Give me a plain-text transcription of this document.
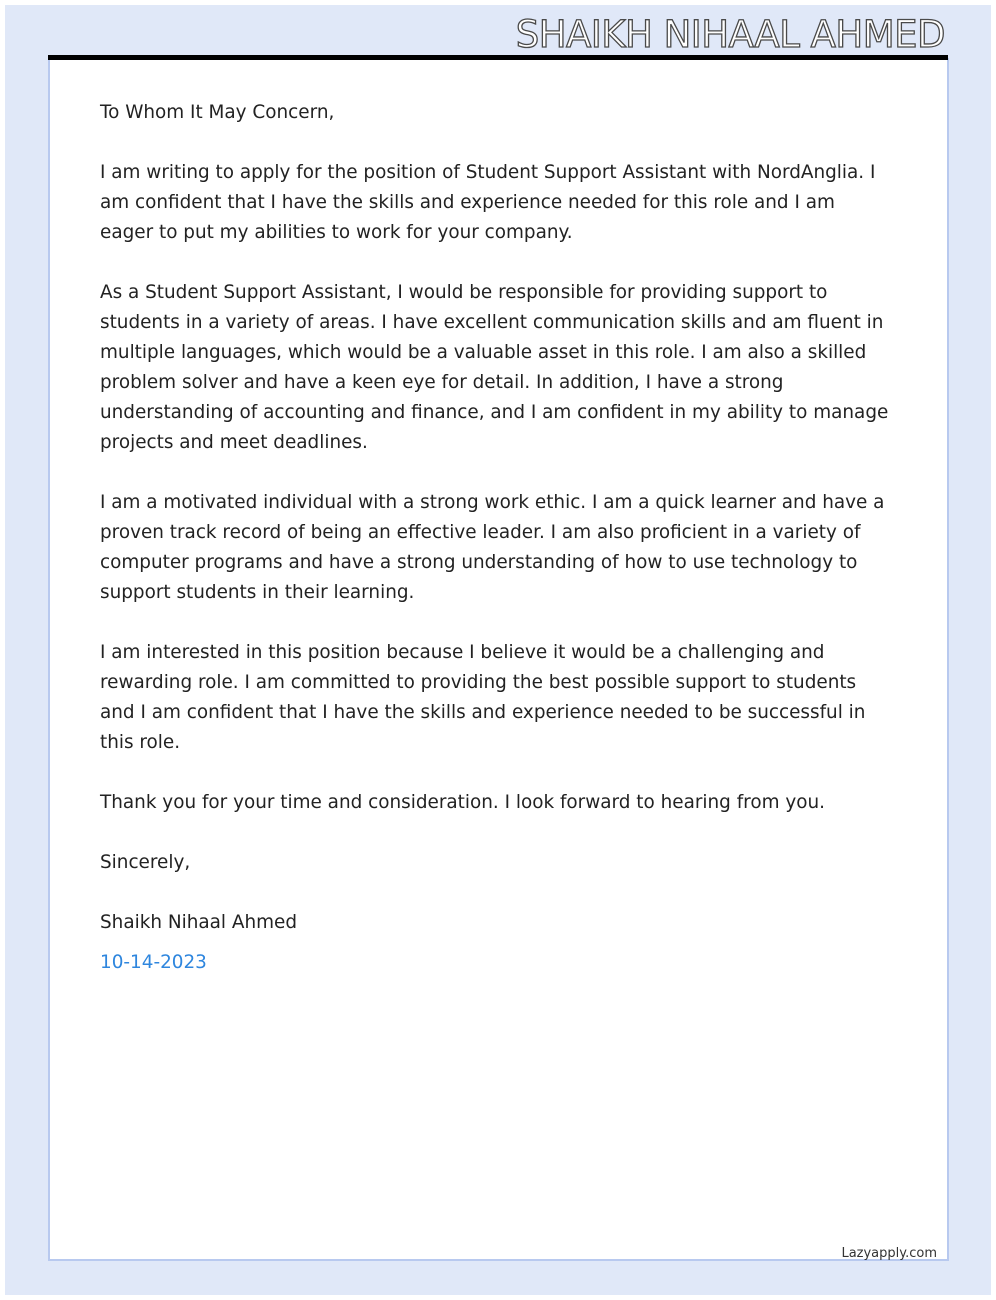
SHAIKH NIHAAL AHMED

To Whom It May Concern,

I am writing to apply for the position of Student Support Assistant with NordAnglia. I am confident that I have the skills and experience needed for this role and I am eager to put my abilities to work for your company.

As a Student Support Assistant, I would be responsible for providing support to students in a variety of areas. I have excellent communication skills and am fluent in multiple languages, which would be a valuable asset in this role. I am also a skilled problem solver and have a keen eye for detail. In addition, I have a strong understanding of accounting and finance, and I am confident in my ability to manage projects and meet deadlines.

I am a motivated individual with a strong work ethic. I am a quick learner and have a proven track record of being an effective leader. I am also proficient in a variety of computer programs and have a strong understanding of how to use technology to support students in their learning.

I am interested in this position because I believe it would be a challenging and rewarding role. I am committed to providing the best possible support to students and I am confident that I have the skills and experience needed to be successful in this role.

Thank you for your time and consideration. I look forward to hearing from you.

Sincerely,

Shaikh Nihaal Ahmed

10-14-2023

Lazyapply.com
